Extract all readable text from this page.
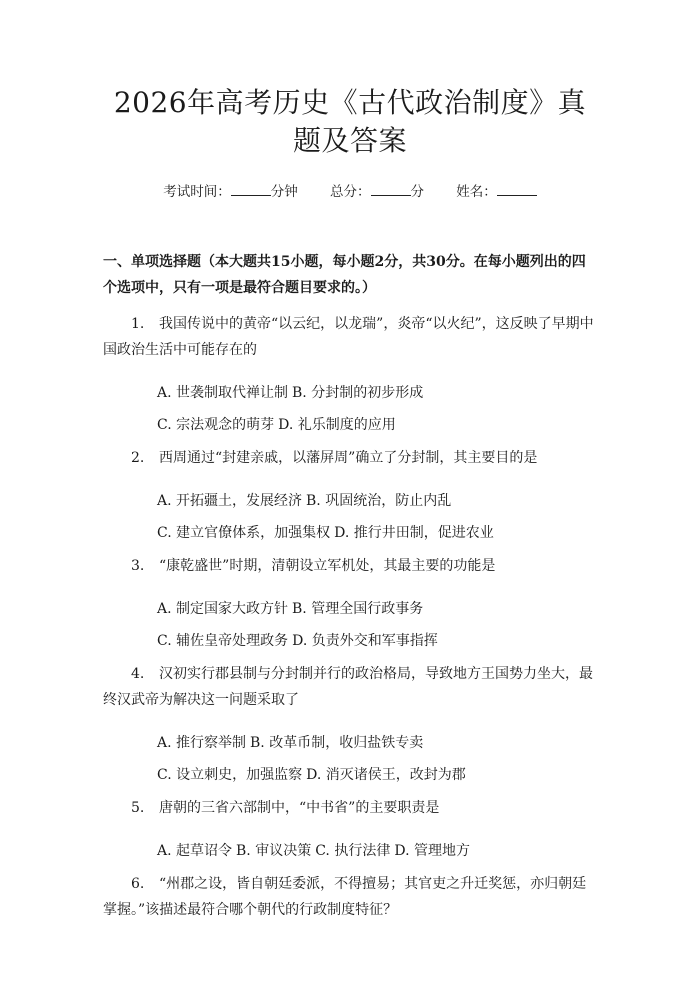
2026年高考历史《古代政治制度》真题及答案
考试时间：	分钟 总分：	分 姓名：
一、单项选择题（本大题共15小题，每小题2分，共30分。在每小题列出的四个选项中，只有一项是最符合题目要求的。）
1. 我国传说中的黄帝“以云纪，以龙瑞”，炎帝“以火纪”，这反映了早期中国政治生活中可能存在的
A. 世袭制取代禅让制 B. 分封制的初步形成
C. 宗法观念的萌芽 D. 礼乐制度的应用
2. 西周通过“封建亲戚，以藩屏周”确立了分封制，其主要目的是
A. 开拓疆土，发展经济 B. 巩固统治，防止内乱
C. 建立官僚体系，加强集权 D. 推行井田制，促进农业
3. “康乾盛世”时期，清朝设立军机处，其最主要的功能是
A. 制定国家大政方针 B. 管理全国行政事务
C. 辅佐皇帝处理政务 D. 负责外交和军事指挥
4. 汉初实行郡县制与分封制并行的政治格局，导致地方王国势力坐大，最终汉武帝为解决这一问题采取了
A. 推行察举制 B. 改革币制，收归盐铁专卖
C. 设立刺史，加强监察 D. 消灭诸侯王，改封为郡
5. 唐朝的三省六部制中，“中书省”的主要职责是
A. 起草诏令 B. 审议决策 C. 执行法律 D. 管理地方
6. “州郡之设，皆自朝廷委派，不得擅易；其官吏之升迁奖惩，亦归朝廷掌握。”该描述最符合哪个朝代的行政制度特征？
